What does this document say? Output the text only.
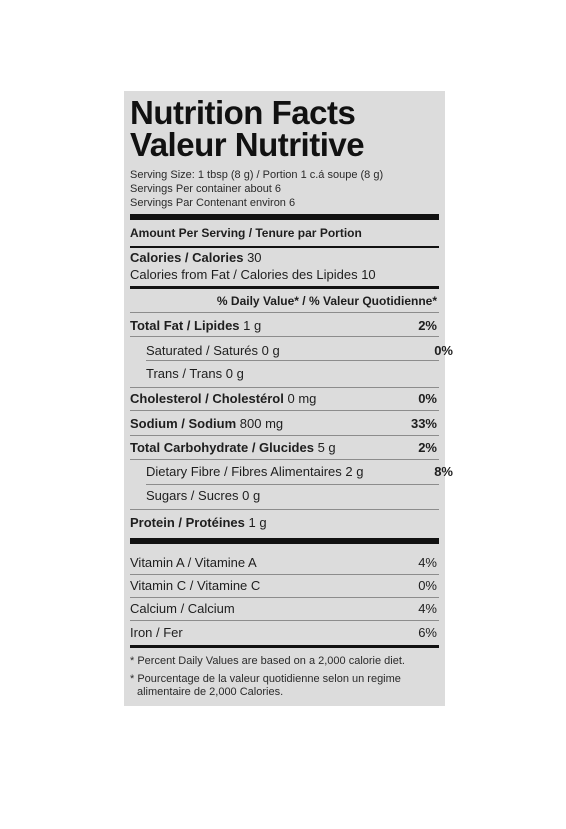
Nutrition Facts
Valeur Nutritive
Serving Size: 1 tbsp (8 g) / Portion 1 c.á soupe (8 g)
Servings Per container about 6
Servings Par Contenant environ 6
Amount Per Serving / Tenure par Portion
Calories / Calories 30
Calories from Fat / Calories des Lipides 10
% Daily Value* / % Valeur Quotidienne*
Total Fat / Lipides 1 g	2%
Saturated / Saturés 0 g	0%
Trans / Trans 0 g
Cholesterol / Cholestérol 0 mg	0%
Sodium / Sodium 800 mg	33%
Total Carbohydrate / Glucides 5 g	2%
Dietary Fibre / Fibres Alimentaires 2 g	8%
Sugars / Sucres 0 g
Protein / Protéines 1 g
Vitamin A / Vitamine A	4%
Vitamin C / Vitamine C	0%
Calcium / Calcium	4%
Iron / Fer	6%
* Percent Daily Values are based on a 2,000 calorie diet.
* Pourcentage de la valeur quotidienne selon un regime
alimentaire de 2,000 Calories.
